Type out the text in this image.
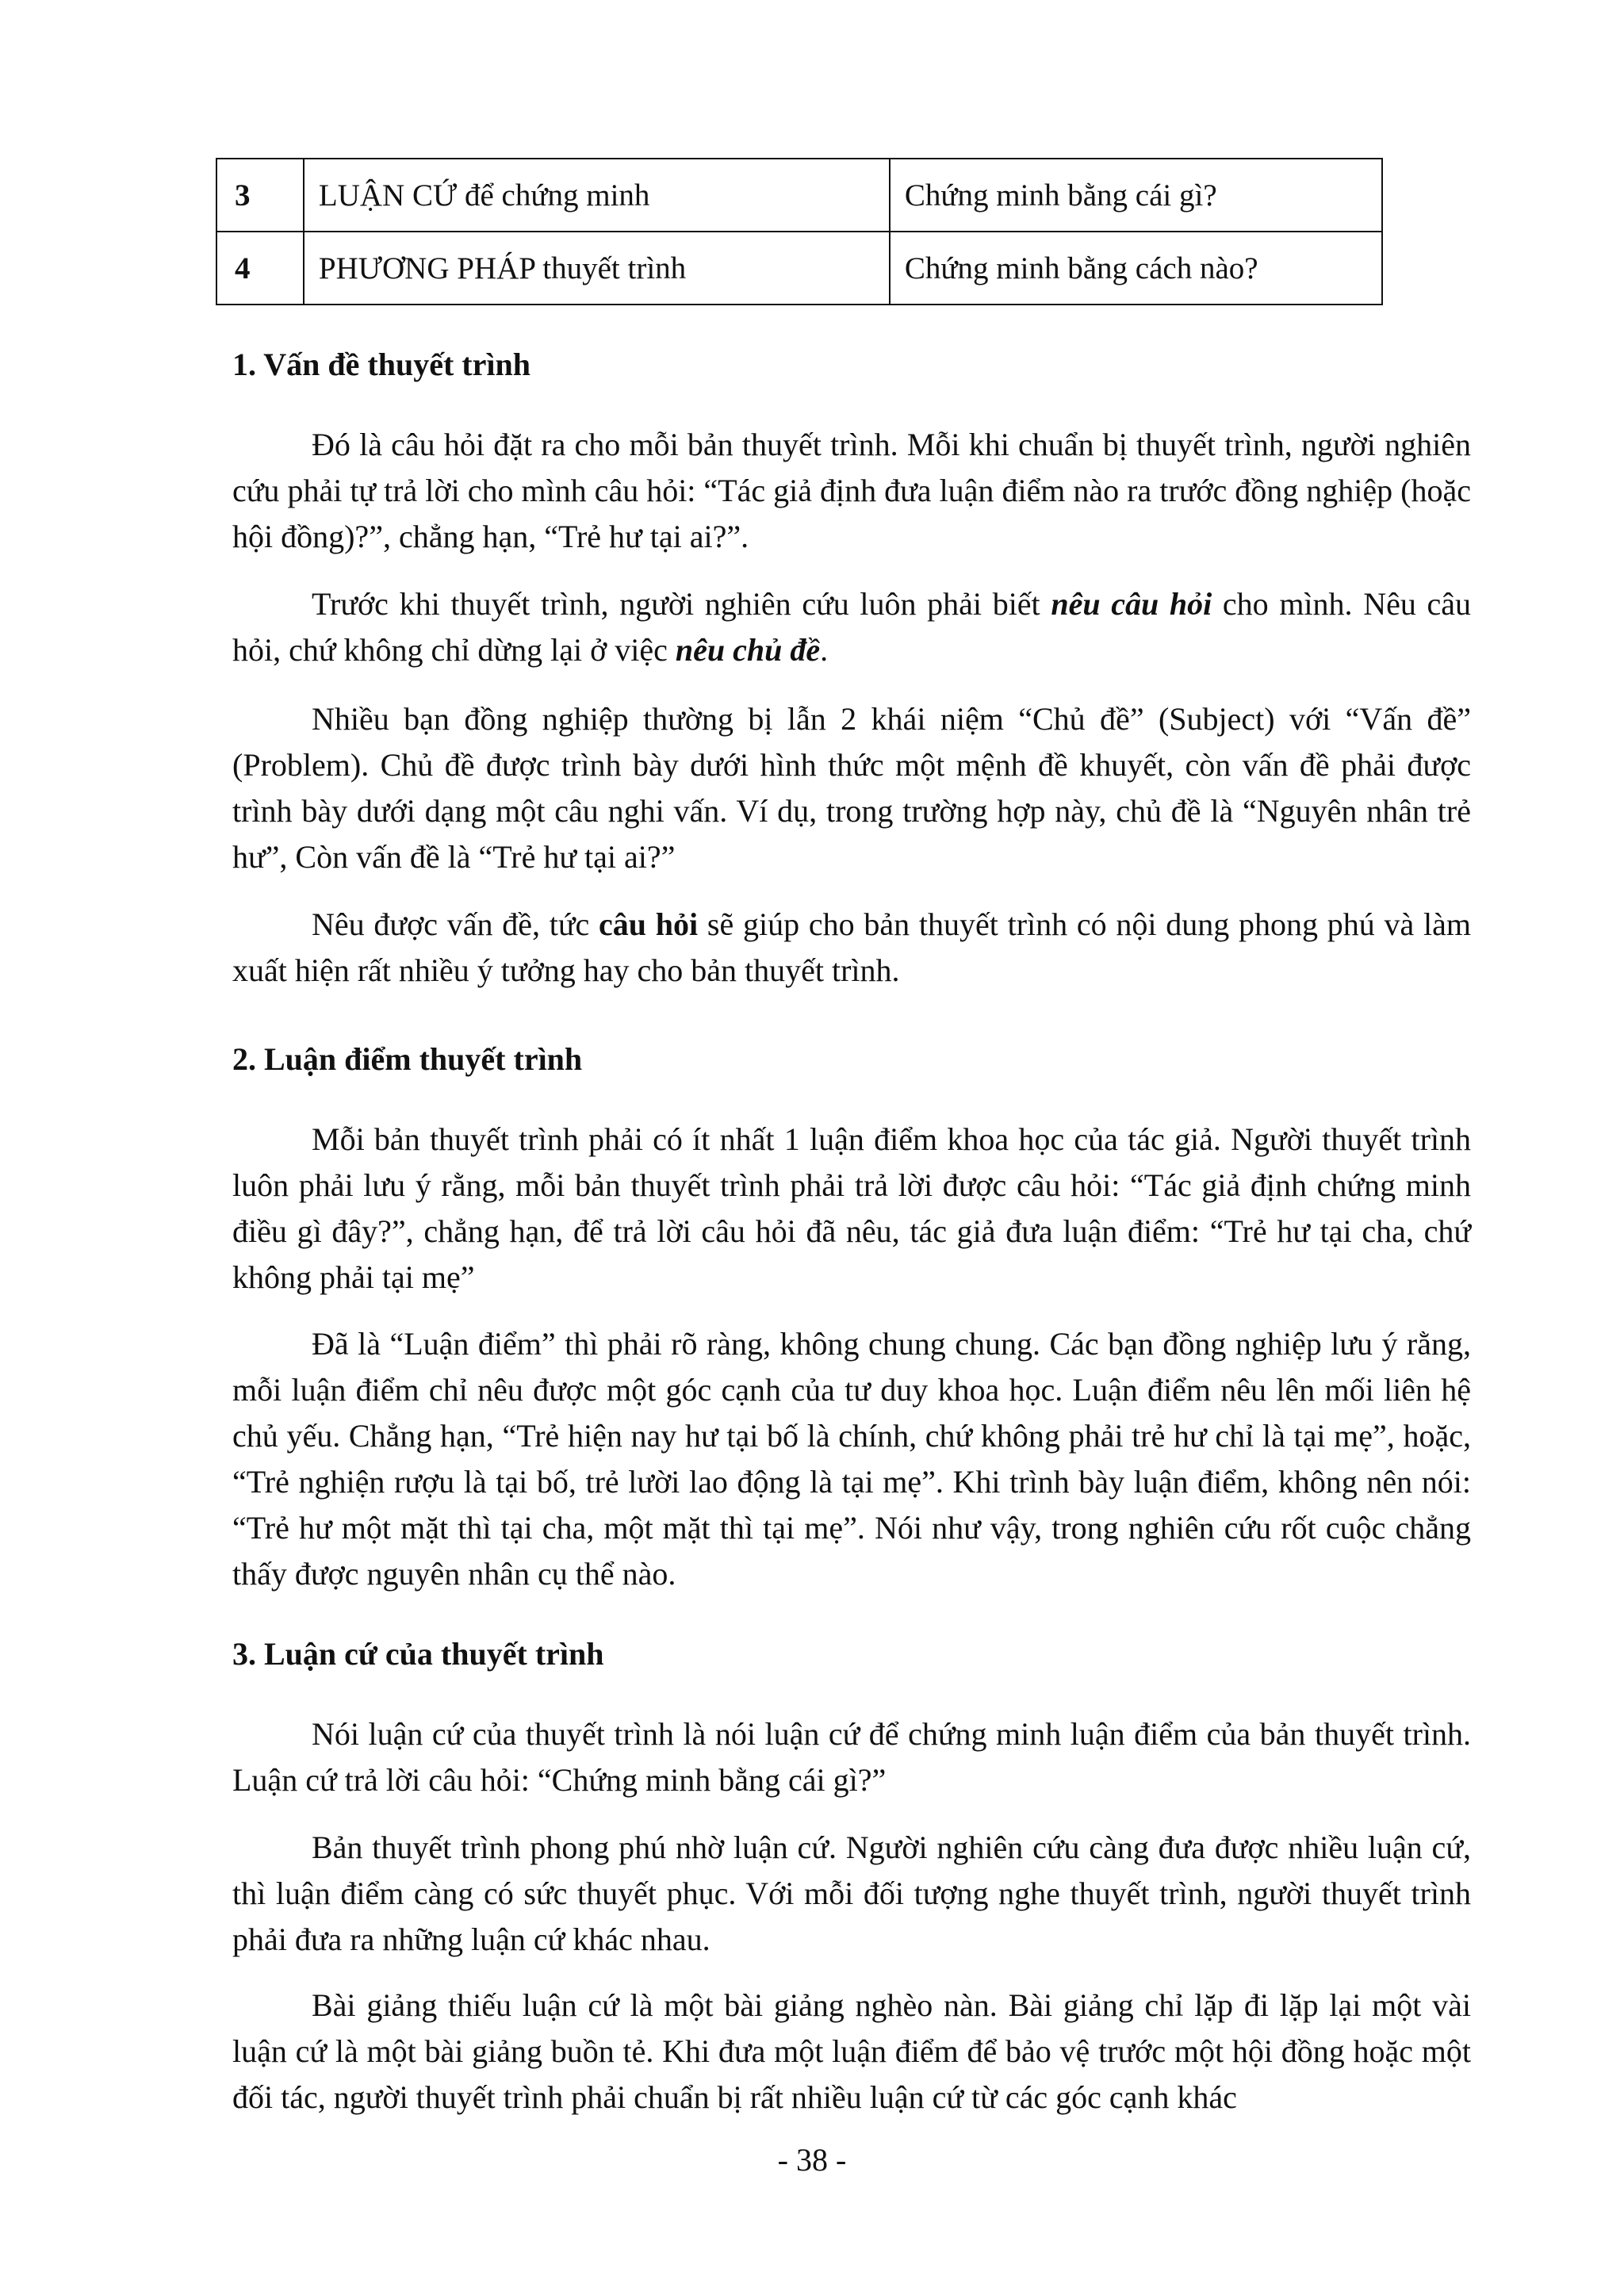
3	LUẬN CỨ để chứng minh	Chứng minh bằng cái gì?
4	PHƯƠNG PHÁP thuyết trình	Chứng minh bằng cách nào?
1. Vấn đề thuyết trình

Đó là câu hỏi đặt ra cho mỗi bản thuyết trình. Mỗi khi chuẩn bị thuyết trình, người nghiên cứu phải tự trả lời cho mình câu hỏi: “Tác giả định đưa luận điểm nào ra trước đồng nghiệp (hoặc hội đồng)?”, chẳng hạn, “Trẻ hư tại ai?”.

Trước khi thuyết trình, người nghiên cứu luôn phải biết nêu câu hỏi cho mình. Nêu câu hỏi, chứ không chỉ dừng lại ở việc nêu chủ đề.

Nhiều bạn đồng nghiệp thường bị lẫn 2 khái niệm “Chủ đề” (Subject) với “Vấn đề” (Problem). Chủ đề được trình bày dưới hình thức một mệnh đề khuyết, còn vấn đề phải được trình bày dưới dạng một câu nghi vấn. Ví dụ, trong trường hợp này, chủ đề là “Nguyên nhân trẻ hư”, Còn vấn đề là “Trẻ hư tại ai?”

Nêu được vấn đề, tức câu hỏi sẽ giúp cho bản thuyết trình có nội dung phong phú và làm xuất hiện rất nhiều ý tưởng hay cho bản thuyết trình.

2. Luận điểm thuyết trình

Mỗi bản thuyết trình phải có ít nhất 1 luận điểm khoa học của tác giả. Người thuyết trình luôn phải lưu ý rằng, mỗi bản thuyết trình phải trả lời được câu hỏi: “Tác giả định chứng minh điều gì đây?”, chẳng hạn, để trả lời câu hỏi đã nêu, tác giả đưa luận điểm: “Trẻ hư tại cha, chứ không phải tại mẹ”

Đã là “Luận điểm” thì phải rõ ràng, không chung chung. Các bạn đồng nghiệp lưu ý rằng, mỗi luận điểm chỉ nêu được một góc cạnh của tư duy khoa học. Luận điểm nêu lên mối liên hệ chủ yếu. Chẳng hạn, “Trẻ hiện nay hư tại bố là chính, chứ không phải trẻ hư chỉ là tại mẹ”, hoặc, “Trẻ nghiện rượu là tại bố, trẻ lười lao động là tại mẹ”. Khi trình bày luận điểm, không nên nói: “Trẻ hư một mặt thì tại cha, một mặt thì tại mẹ”. Nói như vậy, trong nghiên cứu rốt cuộc chẳng thấy được nguyên nhân cụ thể nào.

3. Luận cứ của thuyết trình

Nói luận cứ của thuyết trình là nói luận cứ để chứng minh luận điểm của bản thuyết trình. Luận cứ trả lời câu hỏi: “Chứng minh bằng cái gì?”

Bản thuyết trình phong phú nhờ luận cứ. Người nghiên cứu càng đưa được nhiều luận cứ, thì luận điểm càng có sức thuyết phục. Với mỗi đối tượng nghe thuyết trình, người thuyết trình phải đưa ra những luận cứ khác nhau.

Bài giảng thiếu luận cứ là một bài giảng nghèo nàn. Bài giảng chỉ lặp đi lặp lại một vài luận cứ là một bài giảng buồn tẻ. Khi đưa một luận điểm để bảo vệ trước một hội đồng hoặc một đối tác, người thuyết trình phải chuẩn bị rất nhiều luận cứ từ các góc cạnh khác

- 38 -
